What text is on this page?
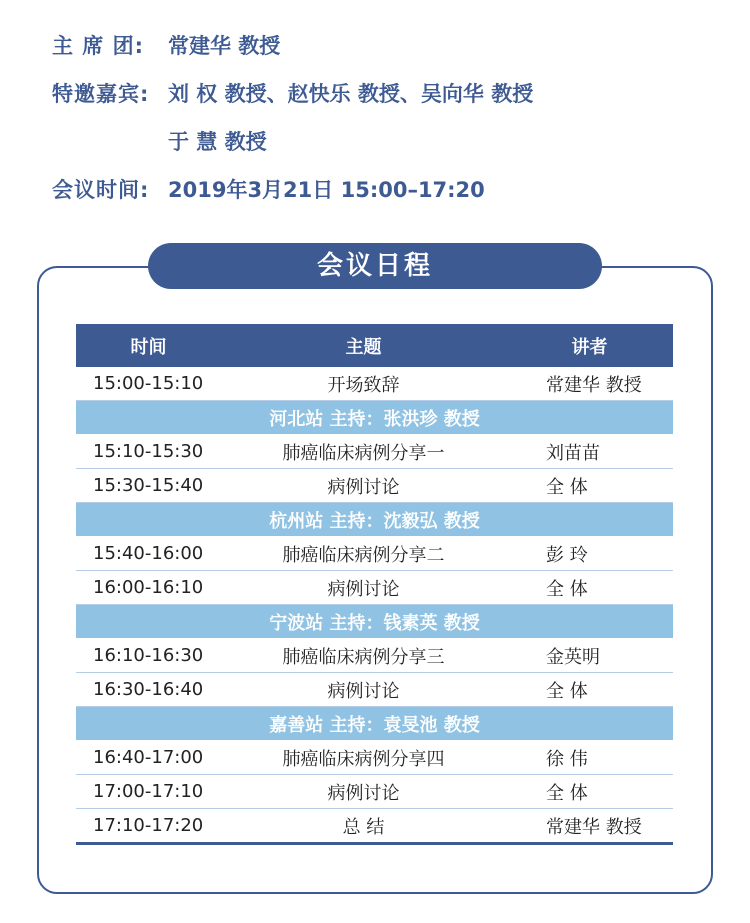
主 席 团: 常建华 教授
特邀嘉宾: 刘 权 教授、赵快乐 教授、吴向华 教授
于 慧 教授
会议时间: 2019年3月21日 15:00–17:20
会议日程
时间	主题	讲者
15:00-15:10	开场致辞	常建华 教授
河北站 主持：张洪珍 教授		
15:10-15:30	肺癌临床病例分享一	刘苗苗
15:30-15:40	病例讨论	全 体
杭州站 主持：沈毅弘 教授		
15:40-16:00	肺癌临床病例分享二	彭 玲
16:00-16:10	病例讨论	全 体
宁波站 主持：钱素英 教授		
16:10-16:30	肺癌临床病例分享三	金英明
16:30-16:40	病例讨论	全 体
嘉善站 主持：袁旻池 教授		
16:40-17:00	肺癌临床病例分享四	徐 伟
17:00-17:10	病例讨论	全 体
17:10-17:20	总 结	常建华 教授
